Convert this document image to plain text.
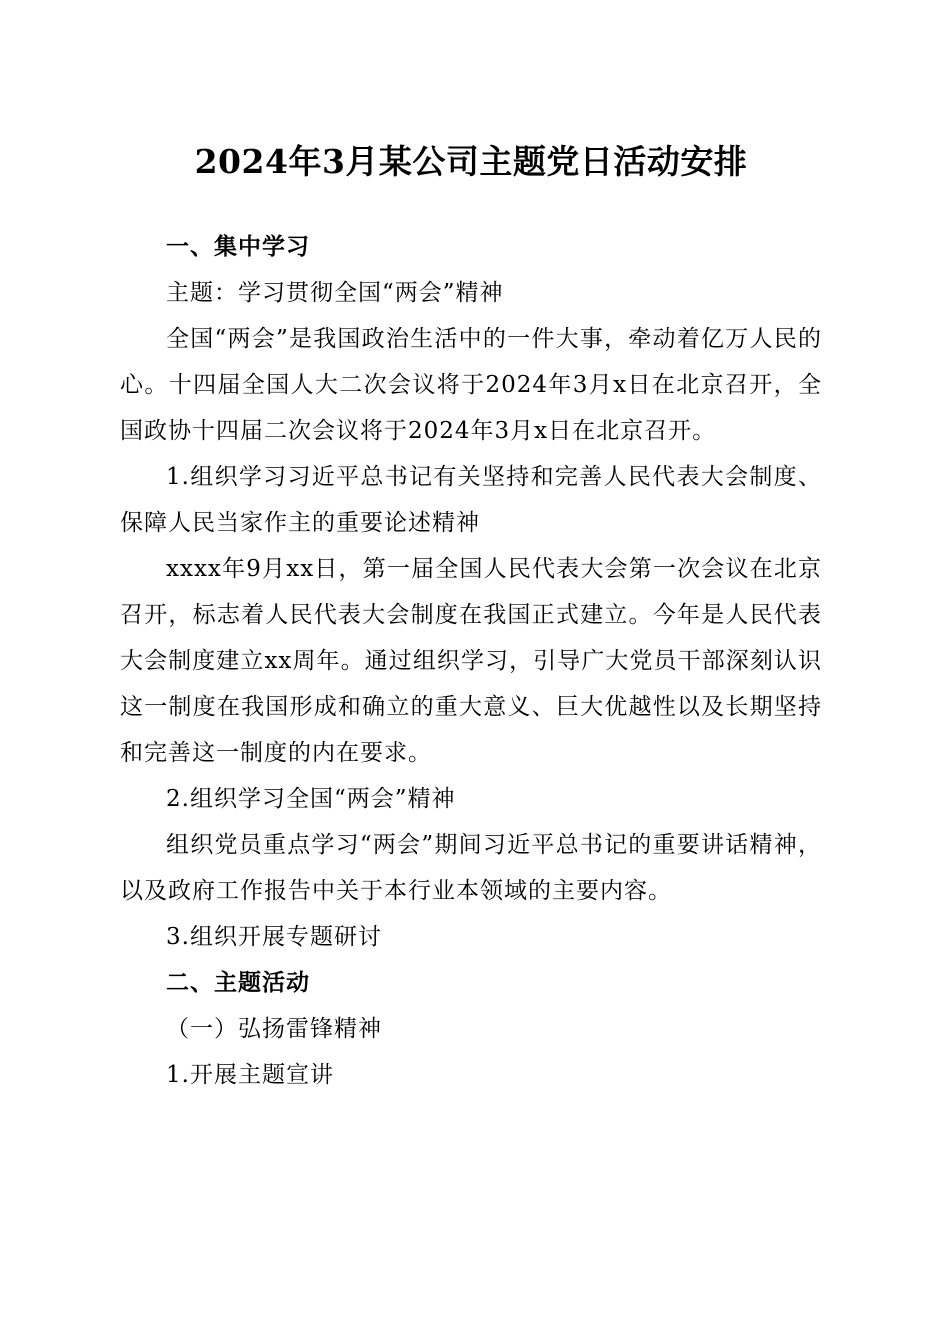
2024年3月某公司主题党日活动安排

一、集中学习

主题：学习贯彻全国“两会”精神

全国“两会”是我国政治生活中的一件大事，牵动着亿万人民的心。十四届全国人大二次会议将于2024年3月x日在北京召开，全国政协十四届二次会议将于2024年3月x日在北京召开。

1.组织学习习近平总书记有关坚持和完善人民代表大会制度、保障人民当家作主的重要论述精神

xxxx年9月xx日，第一届全国人民代表大会第一次会议在北京召开，标志着人民代表大会制度在我国正式建立。今年是人民代表大会制度建立xx周年。通过组织学习，引导广大党员干部深刻认识这一制度在我国形成和确立的重大意义、巨大优越性以及长期坚持和完善这一制度的内在要求。

2.组织学习全国“两会”精神

组织党员重点学习“两会”期间习近平总书记的重要讲话精神，以及政府工作报告中关于本行业本领域的主要内容。

3.组织开展专题研讨

二、主题活动

（一）弘扬雷锋精神

1.开展主题宣讲
